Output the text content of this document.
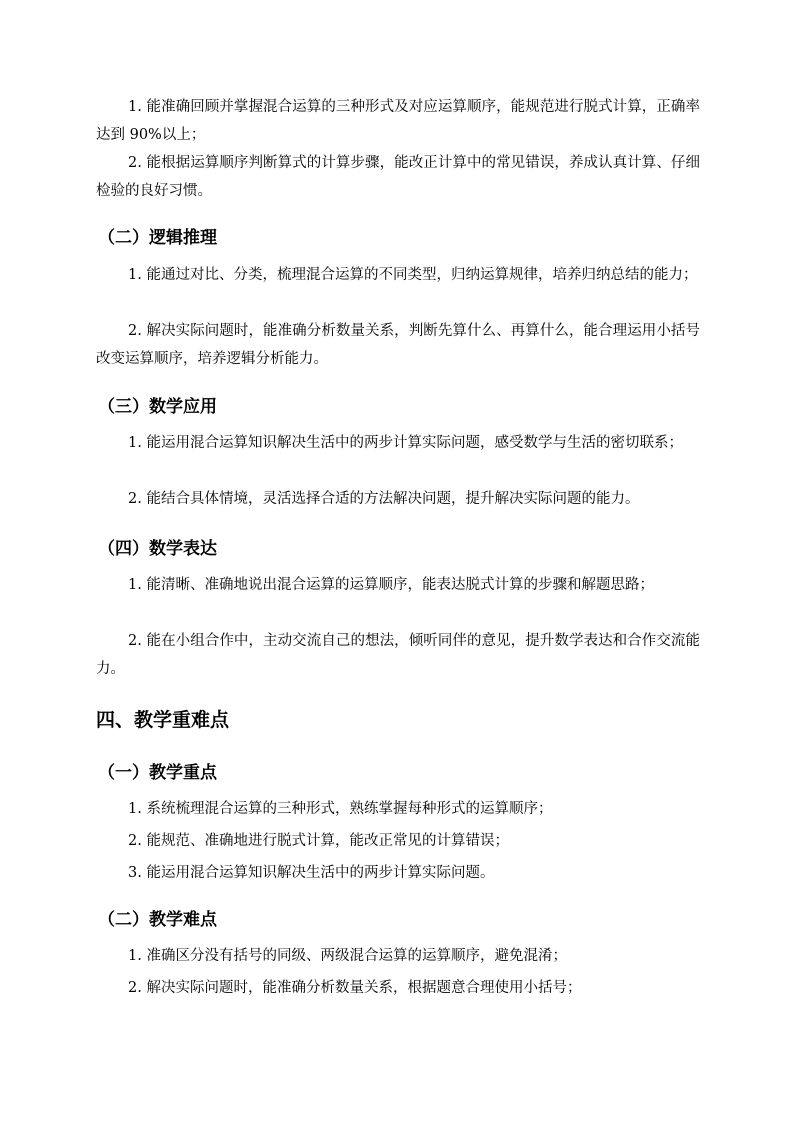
1. 能准确回顾并掌握混合运算的三种形式及对应运算顺序，能规范进行脱式计算，正确率达到 90%以上；

2. 能根据运算顺序判断算式的计算步骤，能改正计算中的常见错误，养成认真计算、仔细检验的良好习惯。

（二）逻辑推理

1. 能通过对比、分类，梳理混合运算的不同类型，归纳运算规律，培养归纳总结的能力；

2. 解决实际问题时，能准确分析数量关系，判断先算什么、再算什么，能合理运用小括号改变运算顺序，培养逻辑分析能力。

（三）数学应用

1. 能运用混合运算知识解决生活中的两步计算实际问题，感受数学与生活的密切联系；

2. 能结合具体情境，灵活选择合适的方法解决问题，提升解决实际问题的能力。

（四）数学表达

1. 能清晰、准确地说出混合运算的运算顺序，能表达脱式计算的步骤和解题思路；

2. 能在小组合作中，主动交流自己的想法，倾听同伴的意见，提升数学表达和合作交流能力。

四、教学重难点
（一）教学重点

1. 系统梳理混合运算的三种形式，熟练掌握每种形式的运算顺序；

2. 能规范、准确地进行脱式计算，能改正常见的计算错误；

3. 能运用混合运算知识解决生活中的两步计算实际问题。

（二）教学难点

1. 准确区分没有括号的同级、两级混合运算的运算顺序，避免混淆；

2. 解决实际问题时，能准确分析数量关系，根据题意合理使用小括号；
